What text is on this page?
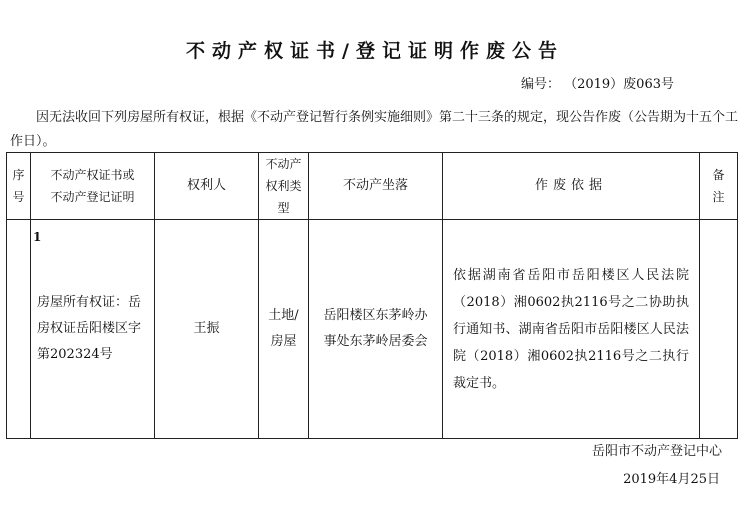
不动产权证书/登记证明作废公告
编号： （2019）废063号
因无法收回下列房屋所有权证，根据《不动产登记暂行条例实施细则》第二十三条的规定，现公告作废（公告期为十五个工作日）。
序号	不动产权证书或不动产登记证明	权利人	不动产权利类型	不动产坐落	作废依据	备注

1	房屋所有权证：岳房权证岳阳楼区字第202324号	王振	土地/房屋	岳阳楼区东茅岭办事处东茅岭居委会	依据湖南省岳阳市岳阳楼区人民法院（2018）湘0602执2116号之二协助执行通知书、湖南省岳阳市岳阳楼区人民法院（2018）湘0602执2116号之二执行裁定书。	
岳阳市不动产登记中心
2019年4月25日
